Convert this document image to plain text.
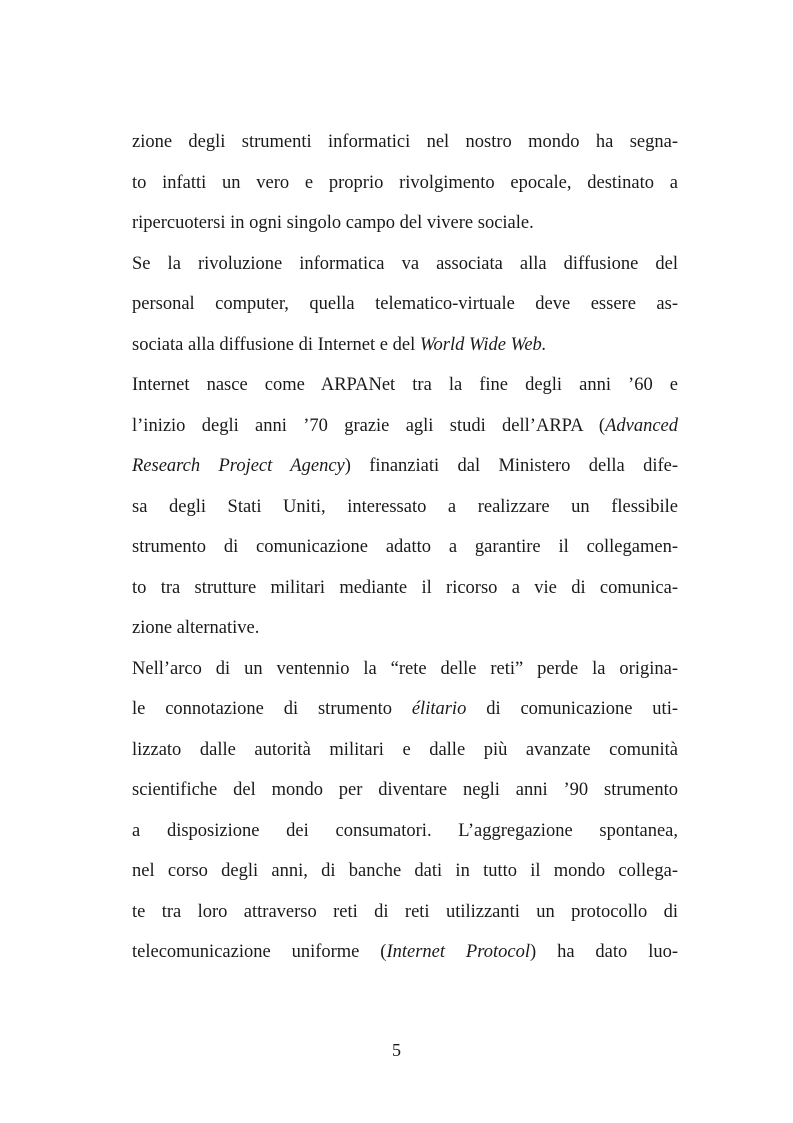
zione degli strumenti informatici nel nostro mondo ha segna-
to infatti un vero e proprio rivolgimento epocale, destinato a
ripercuotersi in ogni singolo campo del vivere sociale.
Se la rivoluzione informatica va associata alla diffusione del
personal computer, quella telematico-virtuale deve essere as-
sociata alla diffusione di Internet e del World Wide Web.
Internet nasce come ARPANet tra la fine degli anni ’60 e
l’inizio degli anni ’70 grazie agli studi dell’ARPA (Advanced
Research Project Agency) finanziati dal Ministero della dife-
sa degli Stati Uniti, interessato a realizzare un flessibile
strumento di comunicazione adatto a garantire il collegamen-
to tra strutture militari mediante il ricorso a vie di comunica-
zione alternative.
Nell’arco di un ventennio la “rete delle reti” perde la origina-
le connotazione di strumento élitario di comunicazione uti-
lizzato dalle autorità militari e dalle più avanzate comunità
scientifiche del mondo per diventare negli anni ’90 strumento
a disposizione dei consumatori. L’aggregazione spontanea,
nel corso degli anni, di banche dati in tutto il mondo collega-
te tra loro attraverso reti di reti utilizzanti un protocollo di
telecomunicazione uniforme (Internet Protocol) ha dato luo-
5
